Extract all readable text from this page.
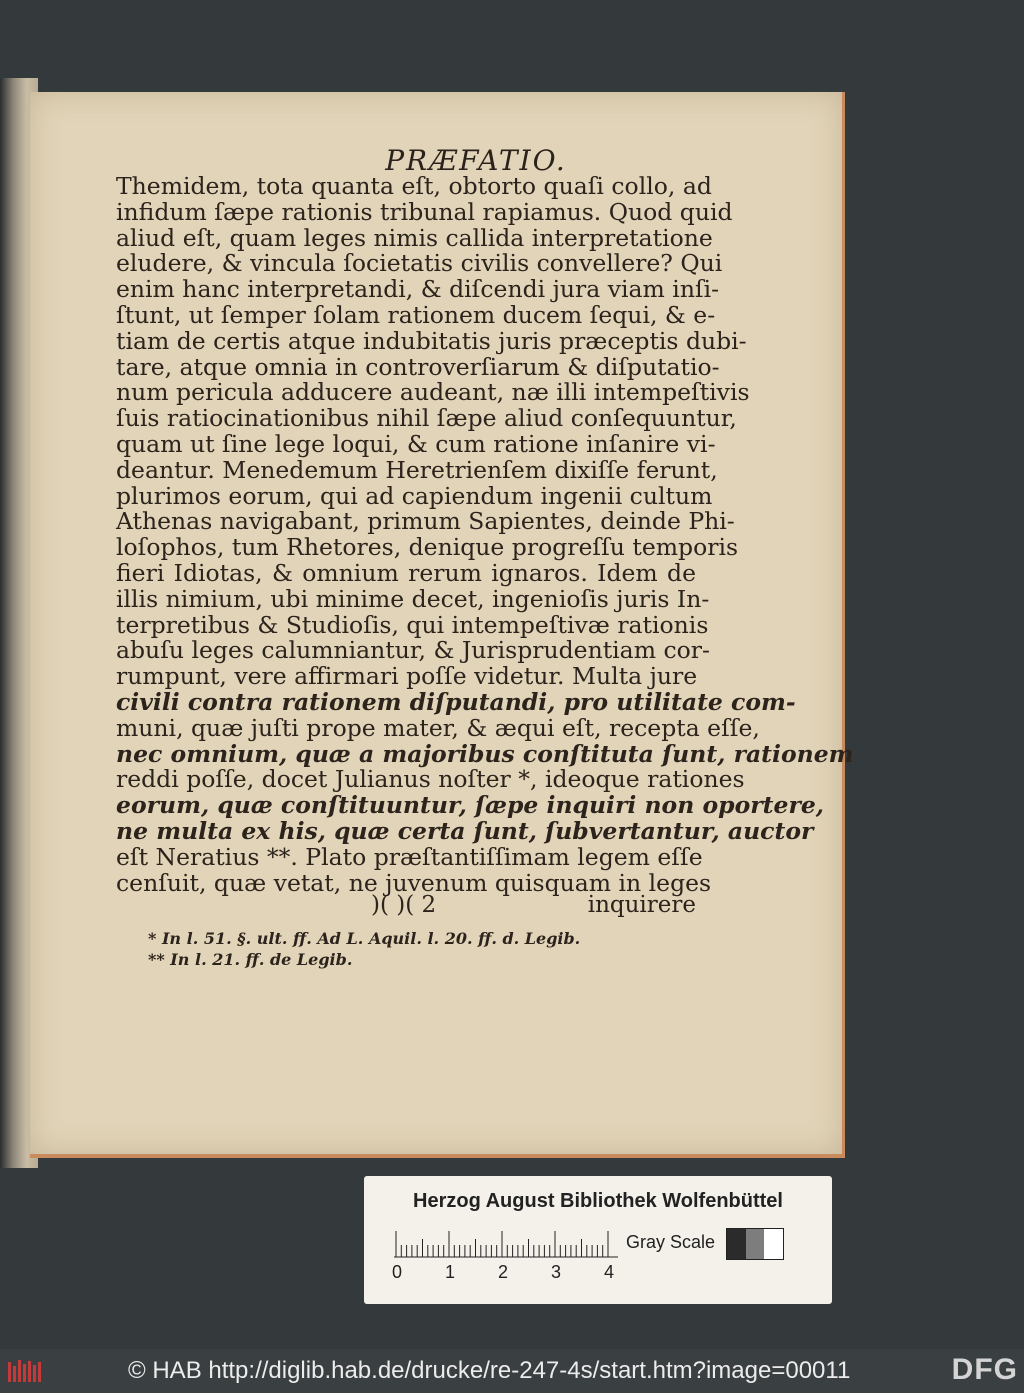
PRÆFATIO.
Themidem, tota quanta eſt, obtorto quaſi collo, ad
infidum ſæpe rationis tribunal rapiamus. Quod quid
aliud eſt, quam leges nimis callida interpretatione
eludere, & vincula ſocietatis civilis convellere? Qui
enim hanc interpretandi, & diſcendi jura viam inſi-
ſtunt, ut ſemper ſolam rationem ducem ſequi, & e-
tiam de certis atque indubitatis juris præceptis dubi-
tare, atque omnia in controverſiarum & diſputatio-
num pericula adducere audeant, næ illi intempeſtivis
ſuis ratiocinationibus nihil ſæpe aliud conſequuntur,
quam ut ſine lege loqui, & cum ratione inſanire vi-
deantur. Menedemum Heretrienſem dixiſſe ferunt,
plurimos eorum, qui ad capiendum ingenii cultum
Athenas navigabant, primum Sapientes, deinde Phi-
loſophos, tum Rhetores, denique progreſſu temporis
fieri Idiotas, & omnium rerum ignaros. Idem de
illis nimium, ubi minime decet, ingenioſis juris In-
terpretibus & Studioſis, qui intempeſtivæ rationis
abuſu leges calumniantur, & Jurisprudentiam cor-
rumpunt, vere affirmari poſſe videtur. Multa jure
civili contra rationem diſputandi, pro utilitate com-
muni, quæ juſti prope mater, & æqui eſt, recepta eſſe,
nec omnium, quæ a majoribus conſtituta ſunt, rationem
reddi poſſe, docet Julianus noſter *, ideoque rationes
eorum, quæ conſtituuntur, ſæpe inquiri non oportere,
ne multa ex his, quæ certa ſunt, ſubvertantur, auctor
eſt Neratius **. Plato præſtantiſſimam legem eſſe
cenſuit, quæ vetat, ne juvenum quisquam in leges
)( )( 2	inquirere
* In l. 51. §. ult. ff. Ad L. Aquil. l. 20. ff. d. Legib.
** In l. 21. ff. de Legib.
Herzog August Bibliothek Wolfenbüttel
0 1 2 3 4
Gray Scale
© HAB http://diglib.hab.de/drucke/re-247-4s/start.htm?image=00011	DFG
